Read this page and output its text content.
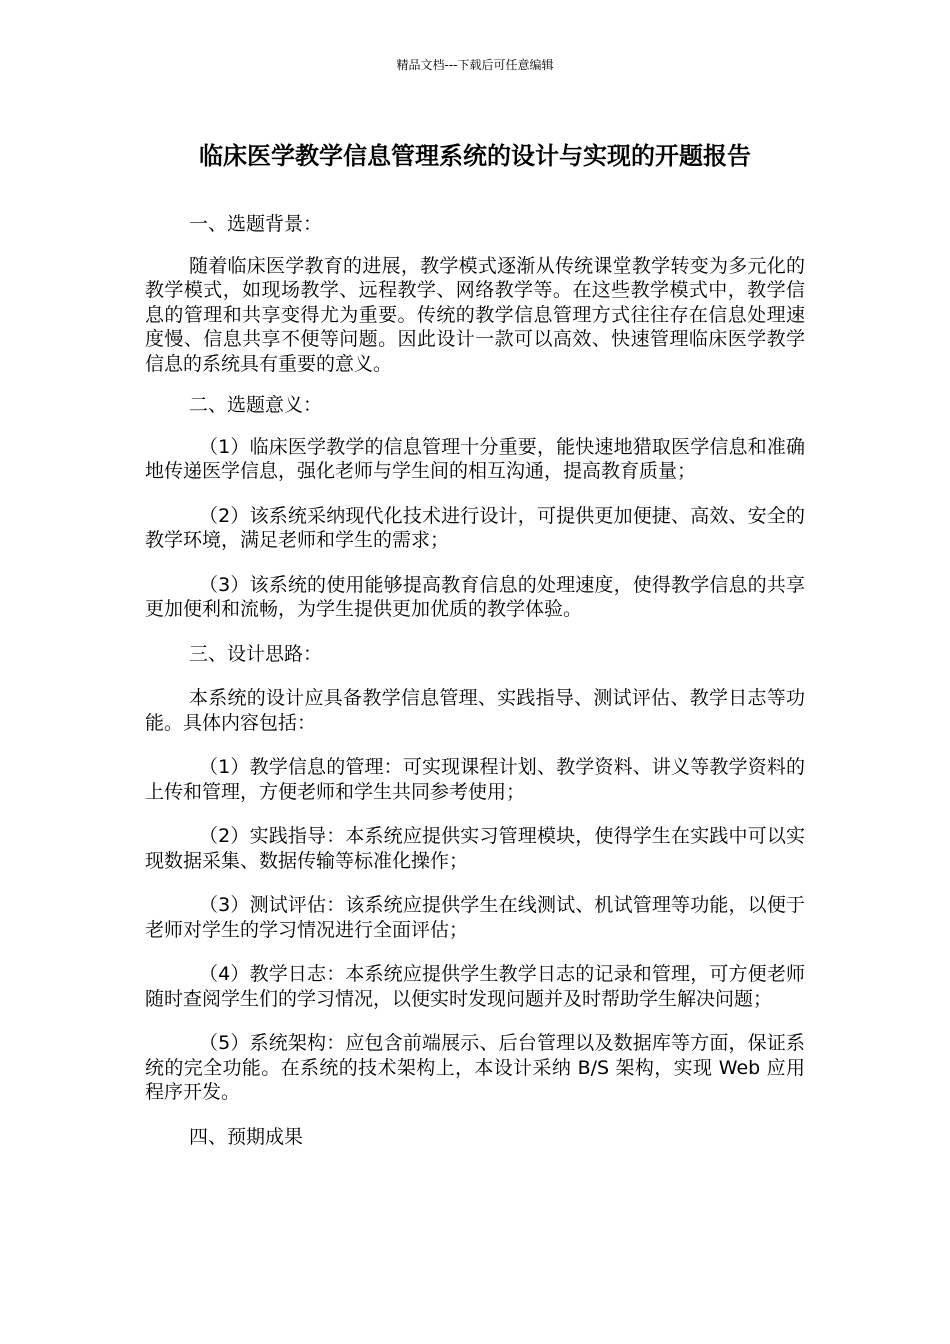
精品文档---下载后可任意编辑
临床医学教学信息管理系统的设计与实现的开题报告

一、选题背景：

随着临床医学教育的进展，教学模式逐渐从传统课堂教学转变为多元化的教学模式，如现场教学、远程教学、网络教学等。在这些教学模式中，教学信息的管理和共享变得尤为重要。传统的教学信息管理方式往往存在信息处理速度慢、信息共享不便等问题。因此设计一款可以高效、快速管理临床医学教学信息的系统具有重要的意义。

二、选题意义：

（1）临床医学教学的信息管理十分重要，能快速地猎取医学信息和准确地传递医学信息，强化老师与学生间的相互沟通，提高教育质量；

（2）该系统采纳现代化技术进行设计，可提供更加便捷、高效、安全的教学环境，满足老师和学生的需求；

（3）该系统的使用能够提高教育信息的处理速度，使得教学信息的共享更加便利和流畅，为学生提供更加优质的教学体验。

三、设计思路：

本系统的设计应具备教学信息管理、实践指导、测试评估、教学日志等功能。具体内容包括：

（1）教学信息的管理：可实现课程计划、教学资料、讲义等教学资料的上传和管理，方便老师和学生共同参考使用；

（2）实践指导：本系统应提供实习管理模块，使得学生在实践中可以实现数据采集、数据传输等标准化操作；

（3）测试评估：该系统应提供学生在线测试、机试管理等功能，以便于老师对学生的学习情况进行全面评估；

（4）教学日志：本系统应提供学生教学日志的记录和管理，可方便老师随时查阅学生们的学习情况，以便实时发现问题并及时帮助学生解决问题；

（5）系统架构：应包含前端展示、后台管理以及数据库等方面，保证系统的完全功能。在系统的技术架构上，本设计采纳 B/S 架构，实现 Web 应用程序开发。

四、预期成果
